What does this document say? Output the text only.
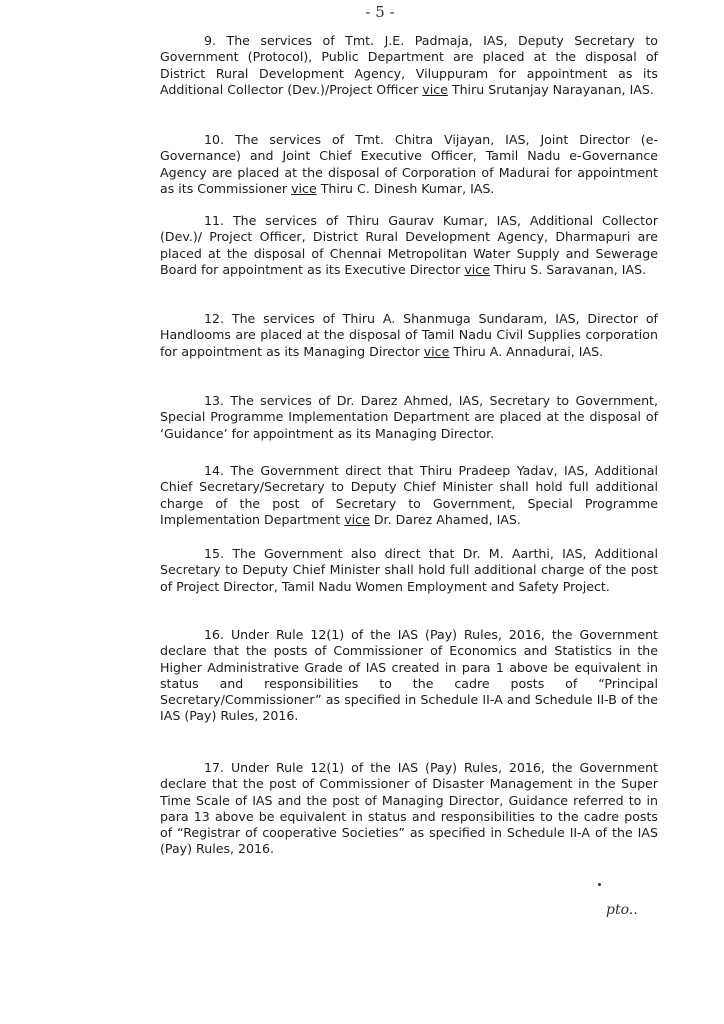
- 5 -

9. The services of Tmt. J.E. Padmaja, IAS, Deputy Secretary to Government (Protocol), Public Department are placed at the disposal of District Rural Development Agency, Viluppuram for appointment as its Additional Collector (Dev.)/Project Officer vice Thiru Srutanjay Narayanan, IAS.

10. The services of Tmt. Chitra Vijayan, IAS, Joint Director (e-Governance) and Joint Chief Executive Officer, Tamil Nadu e-Governance Agency are placed at the disposal of Corporation of Madurai for appointment as its Commissioner vice Thiru C. Dinesh Kumar, IAS.

11. The services of Thiru Gaurav Kumar, IAS, Additional Collector (Dev.)/ Project Officer, District Rural Development Agency, Dharmapuri are placed at the disposal of Chennai Metropolitan Water Supply and Sewerage Board for appointment as its Executive Director vice Thiru S. Saravanan, IAS.

12. The services of Thiru A. Shanmuga Sundaram, IAS, Director of Handlooms are placed at the disposal of Tamil Nadu Civil Supplies corporation for appointment as its Managing Director vice Thiru A. Annadurai, IAS.

13. The services of Dr. Darez Ahmed, IAS, Secretary to Government, Special Programme Implementation Department are placed at the disposal of ‘Guidance’ for appointment as its Managing Director.

14. The Government direct that Thiru Pradeep Yadav, IAS, Additional Chief Secretary/Secretary to Deputy Chief Minister shall hold full additional charge of the post of Secretary to Government, Special Programme Implementation Department vice Dr. Darez Ahamed, IAS.

15. The Government also direct that Dr. M. Aarthi, IAS, Additional Secretary to Deputy Chief Minister shall hold full additional charge of the post of Project Director, Tamil Nadu Women Employment and Safety Project.

16. Under Rule 12(1) of the IAS (Pay) Rules, 2016, the Government declare that the posts of Commissioner of Economics and Statistics in the Higher Administrative Grade of IAS created in para 1 above be equivalent in status and responsibilities to the cadre posts of “Principal Secretary/Commissioner” as specified in Schedule II-A and Schedule II-B of the IAS (Pay) Rules, 2016.

17. Under Rule 12(1) of the IAS (Pay) Rules, 2016, the Government declare that the post of Commissioner of Disaster Management in the Super Time Scale of IAS and the post of Managing Director, Guidance referred to in para 13 above be equivalent in status and responsibilities to the cadre posts of “Registrar of cooperative Societies” as specified in Schedule II-A of the IAS (Pay) Rules, 2016.

pto..
